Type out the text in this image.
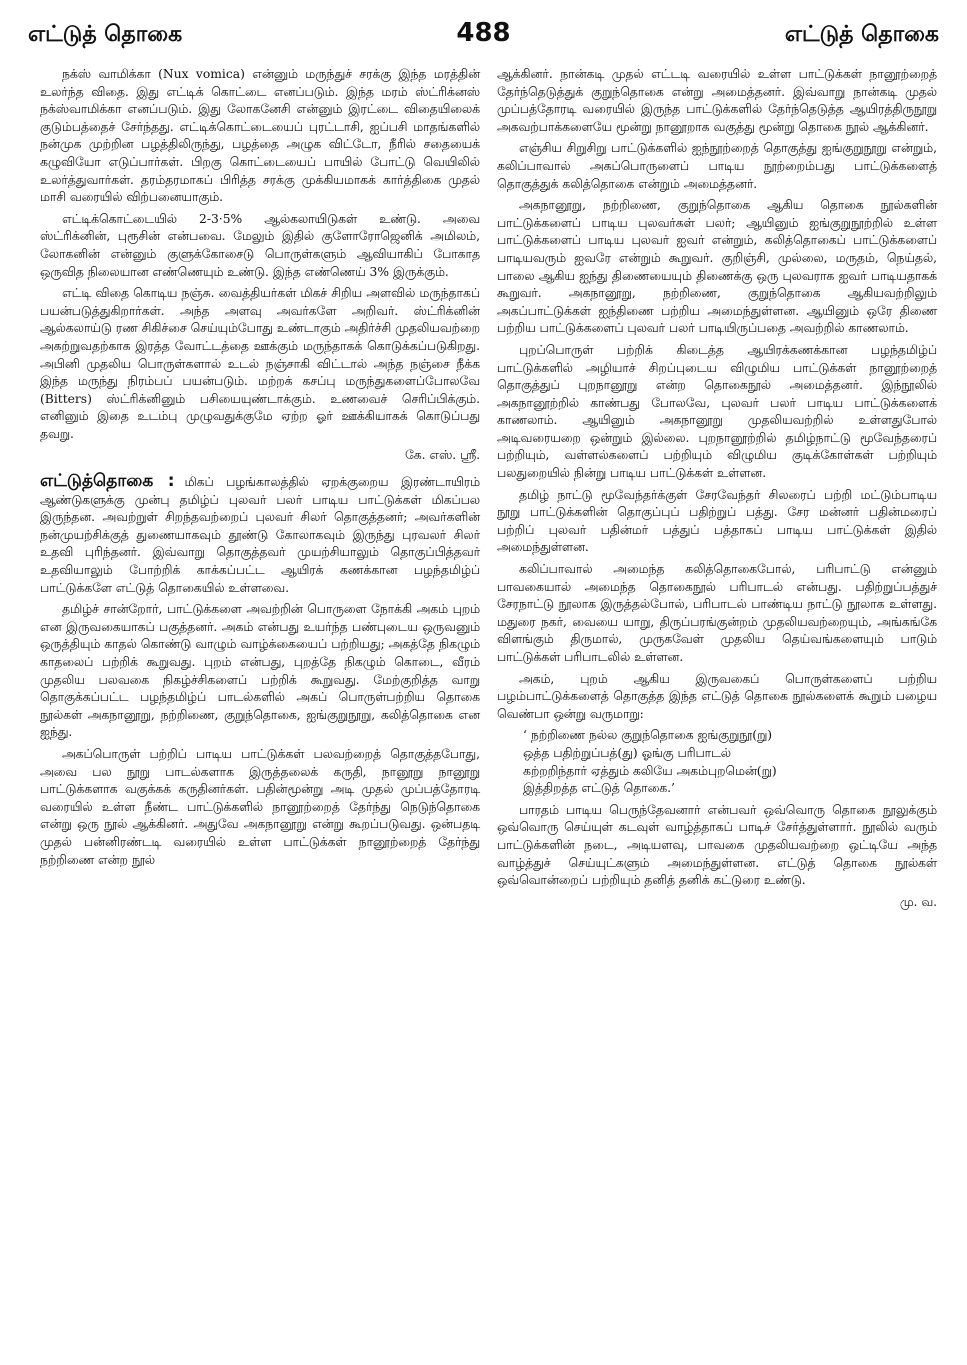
எட்டுத் தொகை	488	எட்டுத் தொகை

நக்ஸ் வாமிக்கா (Nux vomica) என்னும் மருந்துச் சரக்கு இந்த மரத்தின் உலர்ந்த விதை. இது எட்டிக் கொட்டை எனப்படும். இந்த மரம் ஸ்ட்ரிக்னஸ் நக்ஸ்வாமிக்கா எனப்படும். இது லோகனேசி என்னும் இரட்டை விதையிலைக் குடும்பத்தைச் சேர்ந்தது. எட்டிக்கொட்டையைப் புரட்டாசி, ஐப்பசி மாதங்களில் நன்முக முற்றின பழத்திலிருந்து, பழத்தை அழுக விட்டோ, நீரில் சதையைக் கழுவியோ எடுப்பார்கள். பிறகு கொட்டையைப் பாயில் போட்டு வெயிலில் உலர்த்துவார்கள். தரம்தரமாகப் பிரித்த சரக்கு முக்கியமாகக் கார்த்திகை முதல் மாசி வரையில் விற்பனையாகும்.

எட்டிக்கொட்டையில் 2-3·5% ஆல்கலாயிடுகள் உண்டு. அவை ஸ்ட்ரிக்னின், புரூசின் என்பவை. மேலும் இதில் குளோரோஜெனிக் அமிலம், லோகனின் என்னும் குளுக்கோசைடு பொருள்களும் ஆவியாகிப் போகாத ஒருவித நிலையான எண்ணெயும் உண்டு. இந்த எண்ணெய் 3% இருக்கும்.

எட்டி விதை கொடிய நஞ்சு. வைத்தியர்கள் மிகச் சிறிய அளவில் மருந்தாகப் பயன்படுத்துகிறார்கள். அந்த அளவு அவர்களே அறிவர். ஸ்ட்ரிக்னின் ஆல்கலாய்டு ரண சிகிச்சை செய்யும்போது உண்டாகும் அதிர்ச்சி முதலியவற்றை அகற்றுவதற்காக இரத்த வோட்டத்தை ஊக்கும் மருந்தாகக் கொடுக்கப்படுகிறது. அபினி முதலிய பொருள்களால் உடல் நஞ்சாகி விட்டால் அந்த நஞ்சை நீக்க இந்த மருந்து நிரம்பப் பயன்படும். மற்றக் கசப்பு மருந்துகளைப்போலவே (Bitters) ஸ்ட்ரிக்னினும் பசியையுண்டாக்கும். உணவைச் செரிப்பிக்கும். எனினும் இதை உடம்பு முழுவதுக்குமே ஏற்ற ஓர் ஊக்கியாகக் கொடுப்பது தவறு.

கே. எஸ். ஸ்ரீ.

எட்டுத்தொகை : மிகப் பழங்காலத்தில் ஏறக்குறைய இரண்டாயிரம் ஆண்டுகளுக்கு முன்பு தமிழ்ப் புலவர் பலர் பாடிய பாட்டுக்கள் மிகப்பல இருந்தன. அவற்றுள் சிறந்தவற்றைப் புலவர் சிலர் தொகுத்தனர்; அவர்களின் நன்முயற்சிக்குத் துணையாகவும் தூண்டு கோலாகவும் இருந்து புரவலர் சிலர் உதவி புரிந்தனர். இவ்வாறு தொகுத்தவர் முயற்சியாலும் தொகுப்பித்தவர் உதவியாலும் போற்றிக் காக்கப்பட்ட ஆயிரக் கணக்கான பழந்தமிழ்ப் பாட்டுக்களே எட்டுத் தொகையில் உள்ளவை.

தமிழ்ச் சான்றோர், பாட்டுக்களை அவற்றின் பொருளை நோக்கி அகம் புறம் என இருவகையாகப் பகுத்தனர். அகம் என்பது உயர்ந்த பண்புடைய ஒருவனும் ஒருத்தியும் காதல் கொண்டு வாழும் வாழ்க்கையைப் பற்றியது; அகத்தே நிகழும் காதலைப் பற்றிக் கூறுவது. புறம் என்பது, புறத்தே நிகழும் கொடை, வீரம் முதலிய பலவகை நிகழ்ச்சிகளைப் பற்றிக் கூறுவது. மேற்குறித்த வாறு தொகுக்கப்பட்ட பழந்தமிழ்ப் பாடல்களில் அகப் பொருள்பற்றிய தொகை நூல்கள் அகநானூறு, நற்றிணை, குறுந்தொகை, ஐங்குறுநூறு, கலித்தொகை என ஐந்து.

அகப்பொருள் பற்றிப் பாடிய பாட்டுக்கள் பலவற்றைத் தொகுத்தபோது, அவை பல நூறு பாடல்களாக இருத்தலைக் கருதி, நானூறு நானூறு பாட்டுக்களாக வகுக்கக் கருதினர்கள். பதின்மூன்று அடி முதல் முப்பத்தோரடி வரையில் உள்ள நீண்ட பாட்டுக்களில் நானூற்றைத் தேர்ந்து நெடுந்தொகை என்று ஒரு நூல் ஆக்கினர். அதுவே அகநானூறு என்று கூறப்படுவது. ஒன்பதடி முதல் பன்னிரண்டடி வரையில் உள்ள பாட்டுக்கள் நானூற்றைத் தேர்ந்து நற்றிணை என்ற நூல்

ஆக்கினர். நான்கடி முதல் எட்டடி வரையில் உள்ள பாட்டுக்கள் நானூற்றைத் தேர்ந்தெடுத்துக் குறுந்தொகை என்று அமைத்தனர். இவ்வாறு நான்கடி முதல் முப்பத்தோரடி வரையில் இருந்த பாட்டுக்களில் தேர்ந்தெடுத்த ஆயிரத்திருநூறு அகவற்பாக்களையே மூன்று நானூறாக வகுத்து மூன்று தொகை நூல் ஆக்கினர்.

எஞ்சிய சிறுசிறு பாட்டுக்களில் ஐந்நூற்றைத் தொகுத்து ஐங்குறுநூறு என்றும், கலிப்பாவால் அகப்பொருளைப் பாடிய நூற்றைம்பது பாட்டுக்களைத் தொகுத்துக் கலித்தொகை என்றும் அமைத்தனர்.

அகநானூறு, நற்றிணை, குறுந்தொகை ஆகிய தொகை நூல்களின் பாட்டுக்களைப் பாடிய புலவர்கள் பலர்; ஆயினும் ஐங்குறுநூற்றில் உள்ள பாட்டுக்களைப் பாடிய புலவர் ஐவர் என்றும், கலித்தொகைப் பாட்டுக்களைப் பாடியவரும் ஐவரே என்றும் கூறுவர். குறிஞ்சி, முல்லை, மருதம், நெய்தல், பாலை ஆகிய ஐந்து திணையையும் திணைக்கு ஒரு புலவராக ஐவர் பாடியதாகக் கூறுவர். அகநானூறு, நற்றிணை, குறுந்தொகை ஆகியவற்றிலும் அகப்பாட்டுக்கள் ஐந்திணை பற்றிய அமைந்துள்ளன. ஆயினும் ஒரே திணை பற்றிய பாட்டுக்களைப் புலவர் பலர் பாடியிருப்பதை அவற்றில் காணலாம்.

புறப்பொருள் பற்றிக் கிடைத்த ஆயிரக்கணக்கான பழந்தமிழ்ப் பாட்டுக்களில் அழியாச் சிறப்புடைய விழுமிய பாட்டுக்கள் நானூற்றைத் தொகுத்துப் புறநானூறு என்ற தொகைநூல் அமைத்தனர். இந்நூலில் அகநானூற்றில் காண்பது போலவே, புலவர் பலர் பாடிய பாட்டுக்களைக் காணலாம். ஆயினும் அகநானூறு முதலியவற்றில் உள்ளதுபோல் அடிவரையறை ஒன்றும் இல்லை. புறநானூற்றில் தமிழ்நாட்டு மூவேந்தரைப் பற்றியும், வள்ளல்களைப் பற்றியும் விழுமிய குடிக்கோள்கள் பற்றியும் பலதுறையில் நின்று பாடிய பாட்டுக்கள் உள்ளன.

தமிழ் நாட்டு மூவேந்தர்க்குள் சேரவேந்தர் சிலரைப் பற்றி மட்டும்பாடிய நூறு பாட்டுக்களின் தொகுப்புப் பதிற்றுப் பத்து. சேர மன்னர் பதின்மரைப் பற்றிப் புலவர் பதின்மர் பத்துப் பத்தாகப் பாடிய பாட்டுக்கள் இதில் அமைந்துள்ளன.

கலிப்பாவால் அமைந்த கலித்தொகைபோல், பரிபாட்டு என்னும் பாவகையால் அமைந்த தொகைநூல் பரிபாடல் என்பது. பதிற்றுப்பத்துச் சேரநாட்டு நூலாக இருத்தல்போல், பரிபாடல் பாண்டிய நாட்டு நூலாக உள்ளது. மதுரை நகர், வையை யாறு, திருப்பரங்குன்றம் முதலியவற்றையும், அங்கங்கே விளங்கும் திருமால், முருகவேள் முதலிய தெய்வங்களையும் பாடும் பாட்டுக்கள் பரிபாடலில் உள்ளன.

அகம், புறம் ஆகிய இருவகைப் பொருள்களைப் பற்றிய பழம்பாட்டுக்களைத் தொகுத்த இந்த எட்டுத் தொகை நூல்களைக் கூறும் பழைய வெண்பா ஒன்று வருமாறு:

‘ நற்றிணை நல்ல குறுந்தொகை ஐங்குறுநூ(று)
ஒத்த பதிற்றுப்பத்(து) ஓங்கு பரிபாடல்
கற்றறிந்தார் ஏத்தும் கலியே அகம்புறமென்(று)
இத்திறத்த எட்டுத் தொகை.’

பாரதம் பாடிய பெருந்தேவனார் என்பவர் ஒவ்வொரு தொகை நூலுக்கும் ஒவ்வொரு செய்யுள் கடவுள் வாழ்த்தாகப் பாடிச் சேர்த்துள்ளார். நூலில் வரும் பாட்டுக்களின் நடை, அடியளவு, பாவகை முதலியவற்றை ஒட்டியே அந்த வாழ்த்துச் செய்யுட்களும் அமைந்துள்ளன. எட்டுத் தொகை நூல்கள் ஒவ்வொன்றைப் பற்றியும் தனித் தனிக் கட்டுரை உண்டு.

மு. வ.
